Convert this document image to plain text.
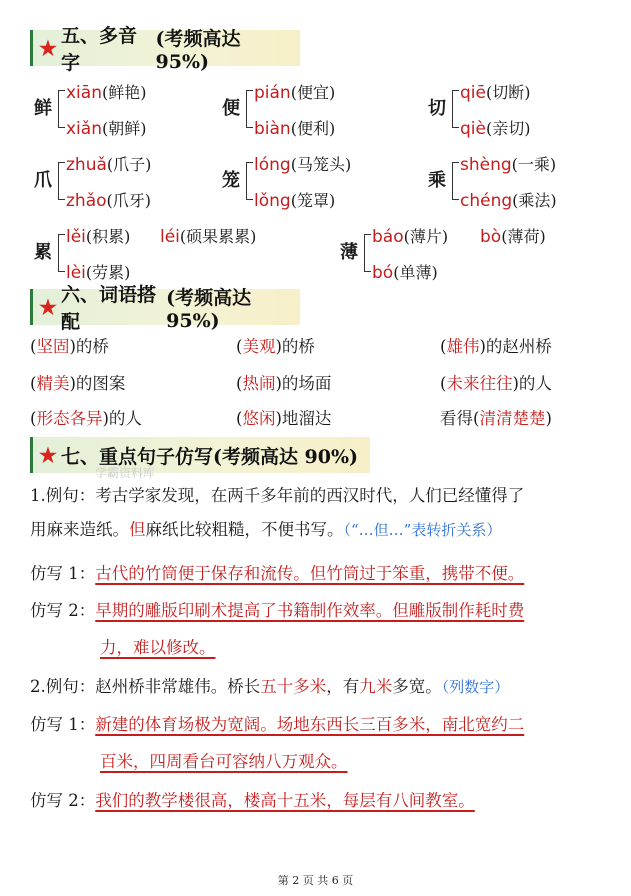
★ 五、多音字
(考频高达 95%)
鲜
xiān(鲜艳)
xiǎn(朝鲜)
便
pián(便宜)
biàn(便利)
切
qiē(切断)
qiè(亲切)
爪
zhuǎ(爪子)
zhǎo(爪牙)
笼
lóng(马笼头)
lǒng(笼罩)
乘
shèng(一乘)
chéng(乘法)
累
lěi(积累) léi(硕果累累)
lèi(劳累)
薄
báo(薄片) bò(薄荷)
bó(单薄)
★ 六、词语搭配
(考频高达 95%)
(坚固)的桥	(美观)的桥	(雄伟)的赵州桥
(精美)的图案	(热闹)的场面	(未来往往)的人
(形态各异)的人	(悠闲)地溜达	看得(清清楚楚)
★ 七、重点句子仿写 (考频高达 90%)
学霸资料库
1.例句：考古学家发现，在两千多年前的西汉时代，人们已经懂得了
用麻来造纸。但麻纸比较粗糙，不便书写。（“…但…”表转折关系）
仿写 1：古代的竹筒便于保存和流传。但竹筒过于笨重，携带不便。
仿写 2：早期的雕版印刷术提高了书籍制作效率。但雕版制作耗时费
力，难以修改。
2.例句：赵州桥非常雄伟。桥长五十多米，有九米多宽。（列数字）
仿写 1：新建的体育场极为宽阔。场地东西长三百多米，南北宽约二
百米，四周看台可容纳八万观众。
仿写 2：我们的教学楼很高，楼高十五米，每层有八间教室。
第 2 页 共 6 页
